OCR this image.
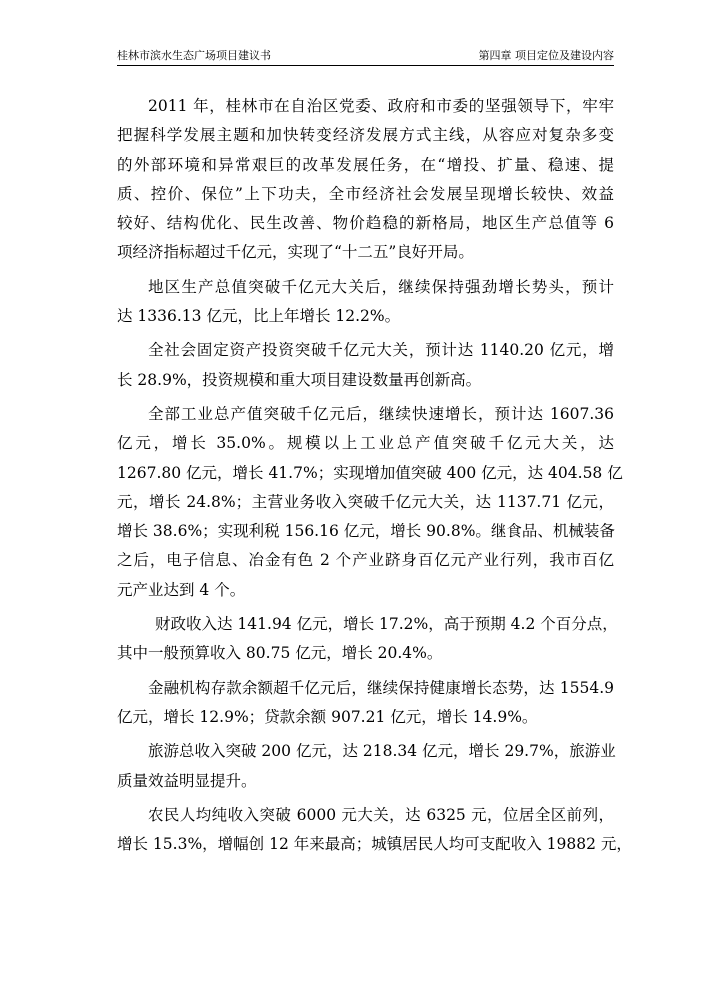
桂林市滨水生态广场项目建议书	第四章 项目定位及建设内容
2011 年，桂林市在自治区党委、政府和市委的坚强领导下，牢牢
把握科学发展主题和加快转变经济发展方式主线，从容应对复杂多变
的外部环境和异常艰巨的改革发展任务，在“增投、扩量、稳速、提
质、控价、保位”上下功夫，全市经济社会发展呈现增长较快、效益
较好、结构优化、民生改善、物价趋稳的新格局，地区生产总值等 6
项经济指标超过千亿元，实现了“十二五”良好开局。
地区生产总值突破千亿元大关后，继续保持强劲增长势头，预计
达 1336.13 亿元，比上年增长 12.2%。
全社会固定资产投资突破千亿元大关，预计达 1140.20 亿元，增
长 28.9%，投资规模和重大项目建设数量再创新高。
全部工业总产值突破千亿元后，继续快速增长，预计达 1607.36
亿元，增长 35.0%。规模以上工业总产值突破千亿元大关，达
1267.80 亿元，增长 41.7%；实现增加值突破 400 亿元，达 404.58 亿
元，增长 24.8%；主营业务收入突破千亿元大关，达 1137.71 亿元，
增长 38.6%；实现利税 156.16 亿元，增长 90.8%。继食品、机械装备
之后，电子信息、冶金有色 2 个产业跻身百亿元产业行列，我市百亿
元产业达到 4 个。
财政收入达 141.94 亿元，增长 17.2%，高于预期 4.2 个百分点，
其中一般预算收入 80.75 亿元，增长 20.4%。
金融机构存款余额超千亿元后，继续保持健康增长态势，达 1554.9
亿元，增长 12.9%；贷款余额 907.21 亿元，增长 14.9%。
旅游总收入突破 200 亿元，达 218.34 亿元，增长 29.7%，旅游业
质量效益明显提升。
农民人均纯收入突破 6000 元大关，达 6325 元，位居全区前列，
增长 15.3%，增幅创 12 年来最高；城镇居民人均可支配收入 19882 元，
